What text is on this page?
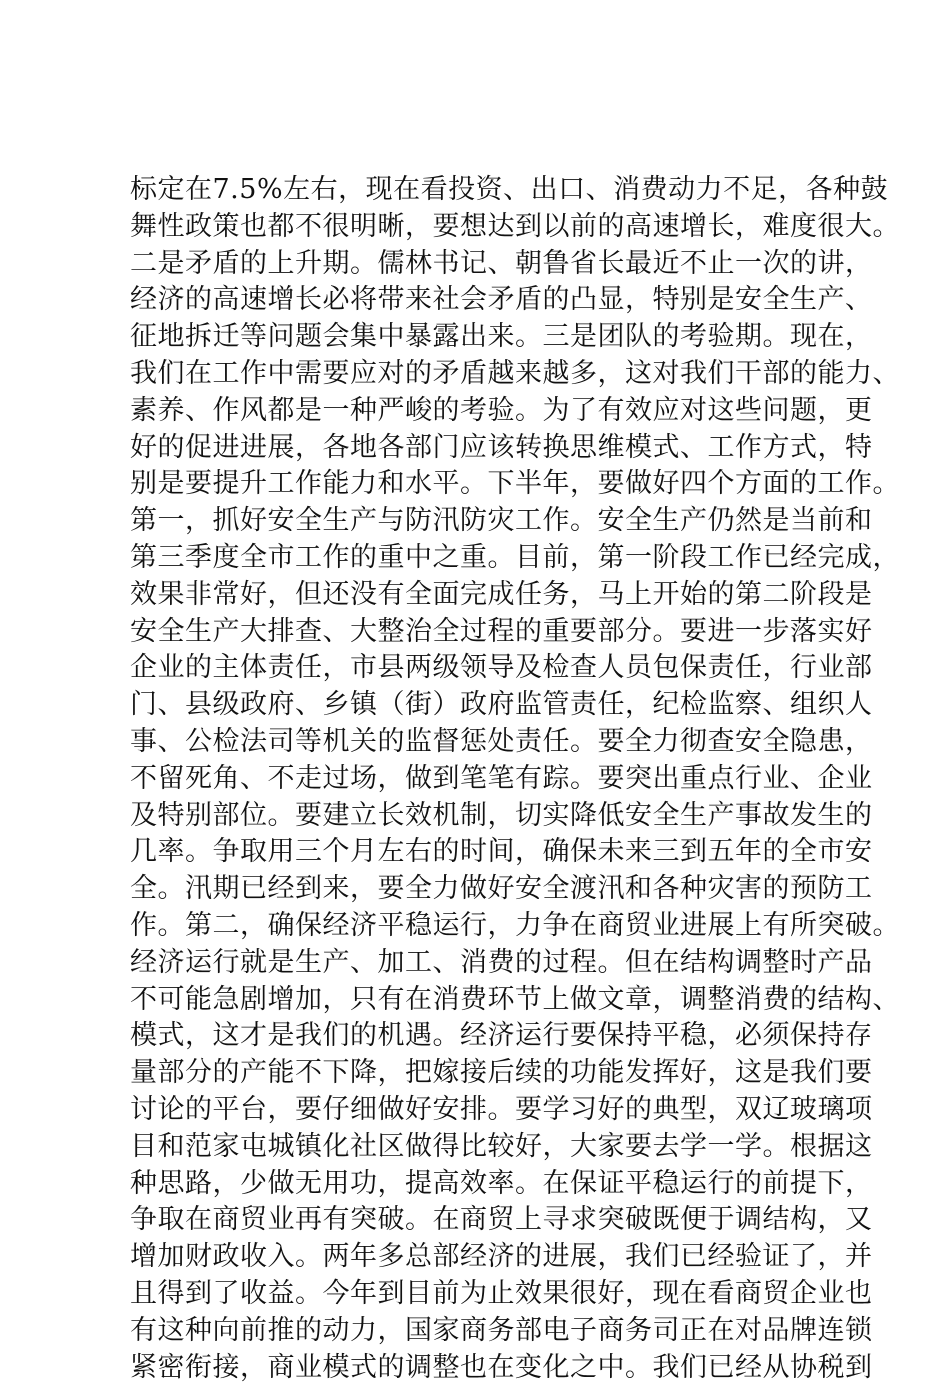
标定在7.5%左右，现在看投资、出口、消费动力不足，各种鼓
舞性政策也都不很明晰，要想达到以前的高速增长，难度很大。
二是矛盾的上升期。儒林书记、朝鲁省长最近不止一次的讲，
经济的高速增长必将带来社会矛盾的凸显，特别是安全生产、
征地拆迁等问题会集中暴露出来。三是团队的考验期。现在，
我们在工作中需要应对的矛盾越来越多，这对我们干部的能力、
素养、作风都是一种严峻的考验。为了有效应对这些问题，更
好的促进进展，各地各部门应该转换思维模式、工作方式，特
别是要提升工作能力和水平。下半年，要做好四个方面的工作。
第一，抓好安全生产与防汛防灾工作。安全生产仍然是当前和
第三季度全市工作的重中之重。目前，第一阶段工作已经完成，
效果非常好，但还没有全面完成任务，马上开始的第二阶段是
安全生产大排查、大整治全过程的重要部分。要进一步落实好
企业的主体责任，市县两级领导及检查人员包保责任，行业部
门、县级政府、乡镇（街）政府监管责任，纪检监察、组织人
事、公检法司等机关的监督惩处责任。要全力彻查安全隐患，
不留死角、不走过场，做到笔笔有踪。要突出重点行业、企业
及特别部位。要建立长效机制，切实降低安全生产事故发生的
几率。争取用三个月左右的时间，确保未来三到五年的全市安
全。汛期已经到来，要全力做好安全渡汛和各种灾害的预防工
作。第二，确保经济平稳运行，力争在商贸业进展上有所突破。
经济运行就是生产、加工、消费的过程。但在结构调整时产品
不可能急剧增加，只有在消费环节上做文章，调整消费的结构、
模式，这才是我们的机遇。经济运行要保持平稳，必须保持存
量部分的产能不下降，把嫁接后续的功能发挥好，这是我们要
讨论的平台，要仔细做好安排。要学习好的典型，双辽玻璃项
目和范家屯城镇化社区做得比较好，大家要去学一学。根据这
种思路，少做无用功，提高效率。在保证平稳运行的前提下，
争取在商贸业再有突破。在商贸上寻求突破既便于调结构，又
增加财政收入。两年多总部经济的进展，我们已经验证了，并
且得到了收益。今年到目前为止效果很好，现在看商贸企业也
有这种向前推的动力，国家商务部电子商务司正在对品牌连锁
紧密衔接，商业模式的调整也在变化之中。我们已经从协税到
